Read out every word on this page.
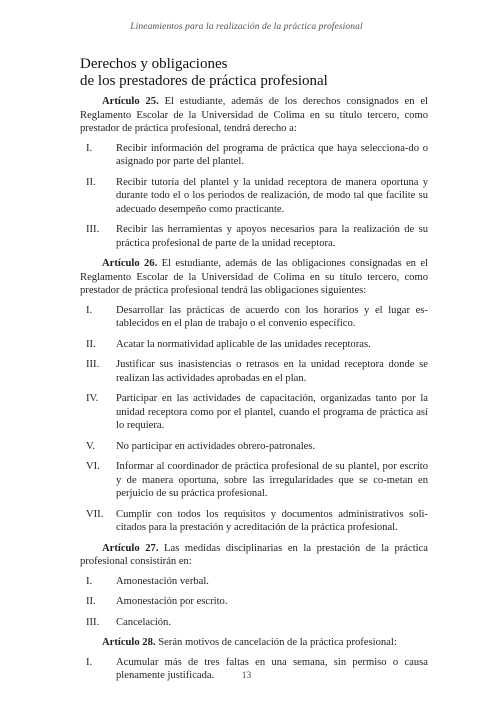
Lineamientos para la realización de la práctica profesional
Derechos y obligaciones
de los prestadores de práctica profesional

Artículo 25. El estudiante, además de los derechos consignados en el Reglamento Escolar de la Universidad de Colima en su título tercero, como prestador de práctica profesional, tendrá derecho a:

I.	Recibir información del programa de práctica que haya selecciona-do o asignado por parte del plantel.
II.	Recibir tutoría del plantel y la unidad receptora de manera oportuna y durante todo el o los periodos de realización, de modo tal que facilite su adecuado desempeño como practicante.
III.	Recibir las herramientas y apoyos necesarios para la realización de su práctica profesional de parte de la unidad receptora.

Artículo 26. El estudiante, además de las obligaciones consignadas en el Reglamento Escolar de la Universidad de Colima en su título tercero, como prestador de práctica profesional tendrá las obligaciones siguientes:

I.	Desarrollar las prácticas de acuerdo con los horarios y el lugar es-tablecidos en el plan de trabajo o el convenio específico.
II.	Acatar la normatividad aplicable de las unidades receptoras.
III.	Justificar sus inasistencias o retrasos en la unidad receptora donde se realizan las actividades aprobadas en el plan.
IV.	Participar en las actividades de capacitación, organizadas tanto por la unidad receptora como por el plantel, cuando el programa de práctica así lo requiera.
V.	No participar en actividades obrero-patronales.
VI.	Informar al coordinador de práctica profesional de su plantel, por escrito y de manera oportuna, sobre las irregularidades que se co-metan en perjuicio de su práctica profesional.
VII.	Cumplir con todos los requisitos y documentos administrativos soli-citados para la prestación y acreditación de la práctica profesional.

Artículo 27. Las medidas disciplinarias en la prestación de la práctica profesional consistirán en:

I.	Amonestación verbal.
II.	Amonestación por escrito.
III.	Cancelación.

Artículo 28. Serán motivos de cancelación de la práctica profesional:

I.	Acumular más de tres faltas en una semana, sin permiso o causa plenamente justificada.	13
